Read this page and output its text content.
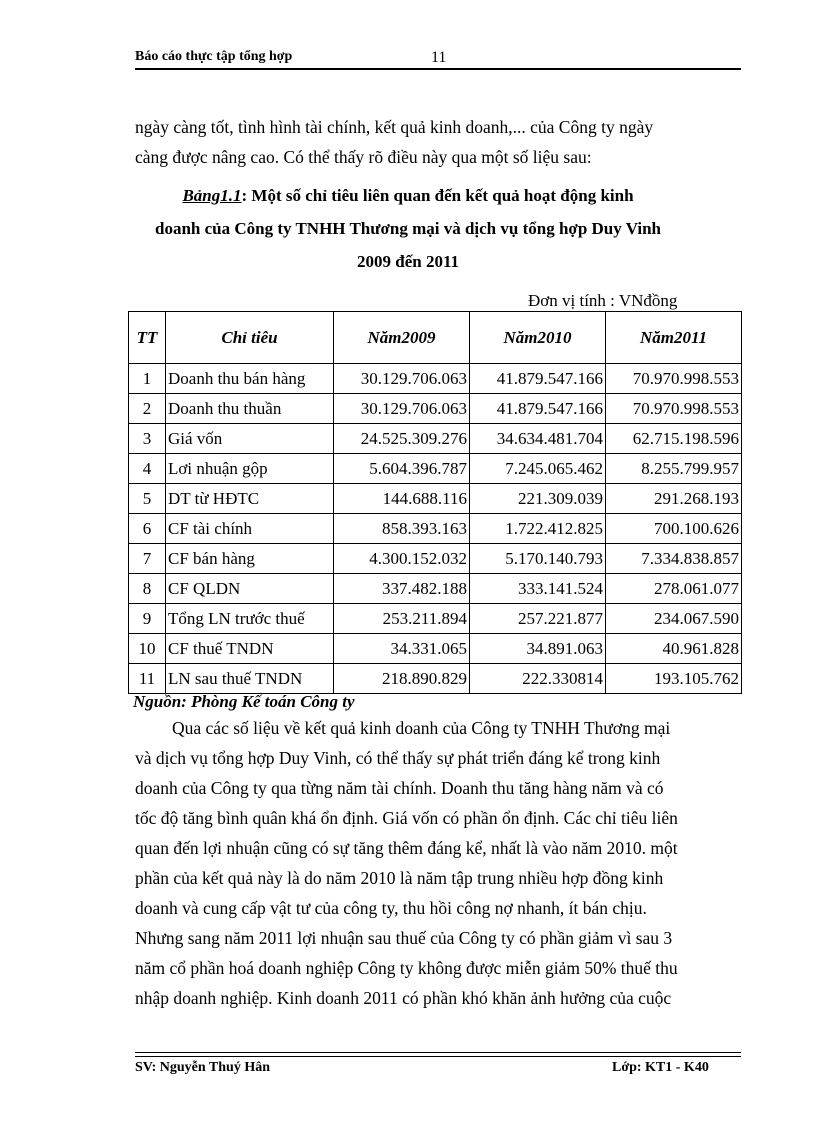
Báo cáo thực tập tổng hợp	11
ngày càng tốt, tình hình tài chính, kết quả kinh doanh,... của Công ty ngày
càng được nâng cao. Có thể thấy rõ điều này qua một số liệu sau:
Bảng1.1: Một số chỉ tiêu liên quan đến kết quả hoạt động kinh
doanh của Công ty TNHH Thương mại và dịch vụ tổng hợp Duy Vinh
2009 đến 2011
Đơn vị tính : VNđồng
TT	Chỉ tiêu	Năm2009	Năm2010	Năm2011
1	Doanh thu bán hàng	30.129.706.063	41.879.547.166	70.970.998.553
2	Doanh thu thuần	30.129.706.063	41.879.547.166	70.970.998.553
3	Giá vốn	24.525.309.276	34.634.481.704	62.715.198.596
4	Lơi nhuận gộp	5.604.396.787	7.245.065.462	8.255.799.957
5	DT từ HĐTC	144.688.116	221.309.039	291.268.193
6	CF tài chính	858.393.163	1.722.412.825	700.100.626
7	CF bán hàng	4.300.152.032	5.170.140.793	7.334.838.857
8	CF QLDN	337.482.188	333.141.524	278.061.077
9	Tổng LN trước thuế	253.211.894	257.221.877	234.067.590
10	CF thuế TNDN	34.331.065	34.891.063	40.961.828
11	LN sau thuế TNDN	218.890.829	222.330814	193.105.762
Nguồn: Phòng Kế toán Công ty
Qua các số liệu về kết quả kinh doanh của Công ty TNHH Thương mại
và dịch vụ tổng hợp Duy Vinh, có thể thấy sự phát triển đáng kể trong kinh
doanh của Công ty qua từng năm tài chính. Doanh thu tăng hàng năm và có
tốc độ tăng bình quân khá ổn định. Giá vốn có phần ổn định. Các chỉ tiêu liên
quan đến lợi nhuận cũng có sự tăng thêm đáng kể, nhất là vào năm 2010. một
phần của kết quả này là do năm 2010 là năm tập trung nhiều hợp đồng kinh
doanh và cung cấp vật tư của công ty, thu hồi công nợ nhanh, ít bán chịu.
Nhưng sang năm 2011 lợi nhuận sau thuế của Công ty có phần giảm vì sau 3
năm cổ phần hoá doanh nghiệp Công ty không được miễn giảm 50% thuế thu
nhập doanh nghiệp. Kinh doanh 2011 có phần khó khăn ảnh hưởng của cuộc
SV: Nguyễn Thuý Hân	Lớp: KT1 - K40
